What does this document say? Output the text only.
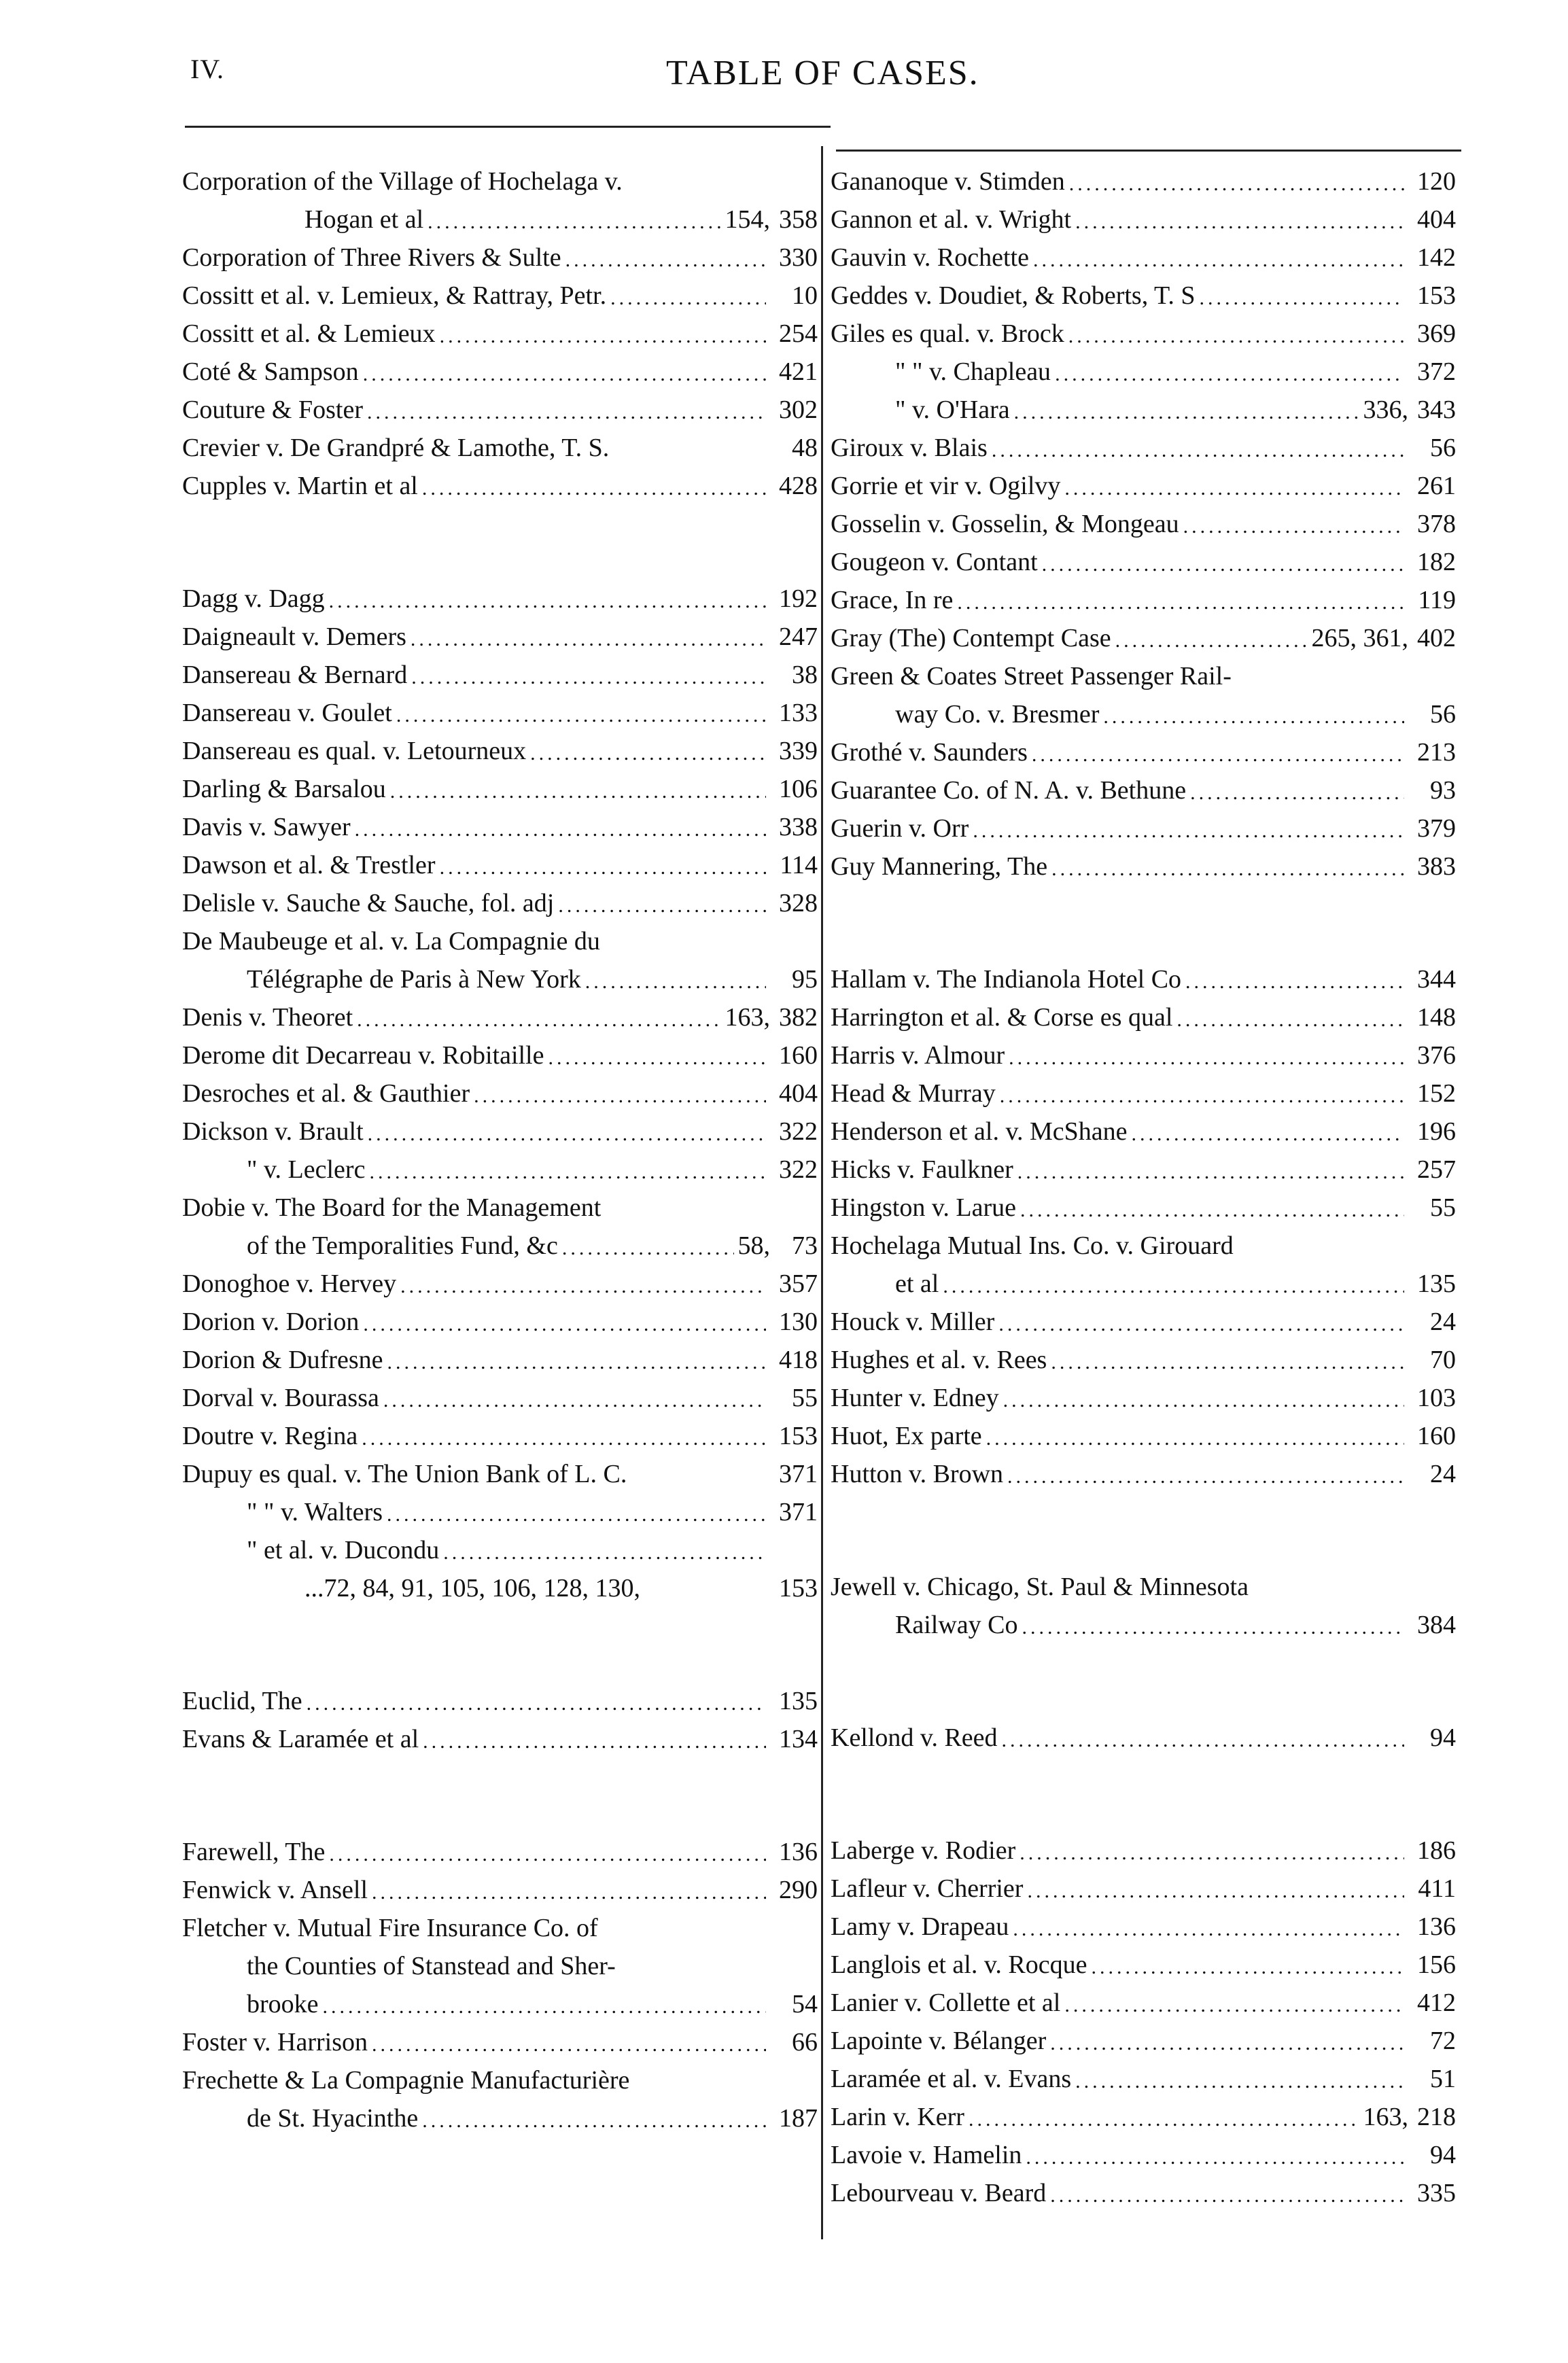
IV.	TABLE OF CASES.
Corporation of the Village of Hochelaga v.
Hogan et al .....	154, 358
Corporation of Three Rivers & Sulte .....	330
Cossitt et al. v. Lemieux, & Rattray, Petr. .....	10
Cossitt et al. & Lemieux .....	254
Coté & Sampson .....	421
Couture & Foster .....	302
Crevier v. De Grandpré & Lamothe, T. S.	48
Cupples v. Martin et al .....	428
Dagg v. Dagg .....	192
Daigneault v. Demers .....	247
Dansereau & Bernard .....	38
Dansereau v. Goulet .....	133
Dansereau es qual. v. Letourneux .....	339
Darling & Barsalou .....	106
Davis v. Sawyer .....	338
Dawson et al. & Trestler .....	114
Delisle v. Sauche & Sauche, fol. adj .....	328
De Maubeuge et al. v. La Compagnie du
Télégraphe de Paris à New York .....	95
Denis v. Theoret .....	163, 382
Derome dit Decarreau v. Robitaille .....	160
Desroches et al. & Gauthier .....	404
Dickson v. Brault .....	322
" v. Leclerc .....	322
Dobie v. The Board for the Management
of the Temporalities Fund, &c .....	58, 73
Donoghoe v. Hervey .....	357
Dorion v. Dorion .....	130
Dorion & Dufresne .....	418
Dorval v. Bourassa .....	55
Doutre v. Regina .....	153
Dupuy es qual. v. The Union Bank of L. C.	371
" " v. Walters .....	371
" et al. v. Ducondu
.....
...72, 84, 91, 105, 106, 128, 130,	153
Euclid, The .....	135
Evans & Laramée et al .....	134
Farewell, The .....	136
Fenwick v. Ansell .....	290
Fletcher v. Mutual Fire Insurance Co. of
the Counties of Stanstead and Sher-
brooke .....	54
Foster v. Harrison .....	66
Frechette & La Compagnie Manufacturière
de St. Hyacinthe .....	187
Gananoque v. Stimden .....	120
Gannon et al. v. Wright .....	404
Gauvin v. Rochette .....	142
Geddes v. Doudiet, & Roberts, T. S .....	153
Giles es qual. v. Brock .....	369
" " v. Chapleau .....	372
" v. O'Hara .....	336, 343
Giroux v. Blais .....	56
Gorrie et vir v. Ogilvy .....	261
Gosselin v. Gosselin, & Mongeau .....	378
Gougeon v. Contant .....	182
Grace, In re .....	119
Gray (The) Contempt Case .....	265, 361, 402
Green & Coates Street Passenger Rail-
way Co. v. Bresmer .....	56
Grothé v. Saunders .....	213
Guarantee Co. of N. A. v. Bethune .....	93
Guerin v. Orr .....	379
Guy Mannering, The .....	383
Hallam v. The Indianola Hotel Co .....	344
Harrington et al. & Corse es qual .....	148
Harris v. Almour .....	376
Head & Murray .....	152
Henderson et al. v. McShane .....	196
Hicks v. Faulkner .....	257
Hingston v. Larue .....	55
Hochelaga Mutual Ins. Co. v. Girouard
et al .....	135
Houck v. Miller .....	24
Hughes et al. v. Rees .....	70
Hunter v. Edney .....	103
Huot, Ex parte .....	160
Hutton v. Brown .....	24
Jewell v. Chicago, St. Paul & Minnesota
Railway Co .....	384
Kellond v. Reed .....	94
Laberge v. Rodier .....	186
Lafleur v. Cherrier .....	411
Lamy v. Drapeau .....	136
Langlois et al. v. Rocque .....	156
Lanier v. Collette et al .....	412
Lapointe v. Bélanger .....	72
Laramée et al. v. Evans .....	51
Larin v. Kerr .....	163, 218
Lavoie v. Hamelin .....	94
Lebourveau v. Beard .....	335
